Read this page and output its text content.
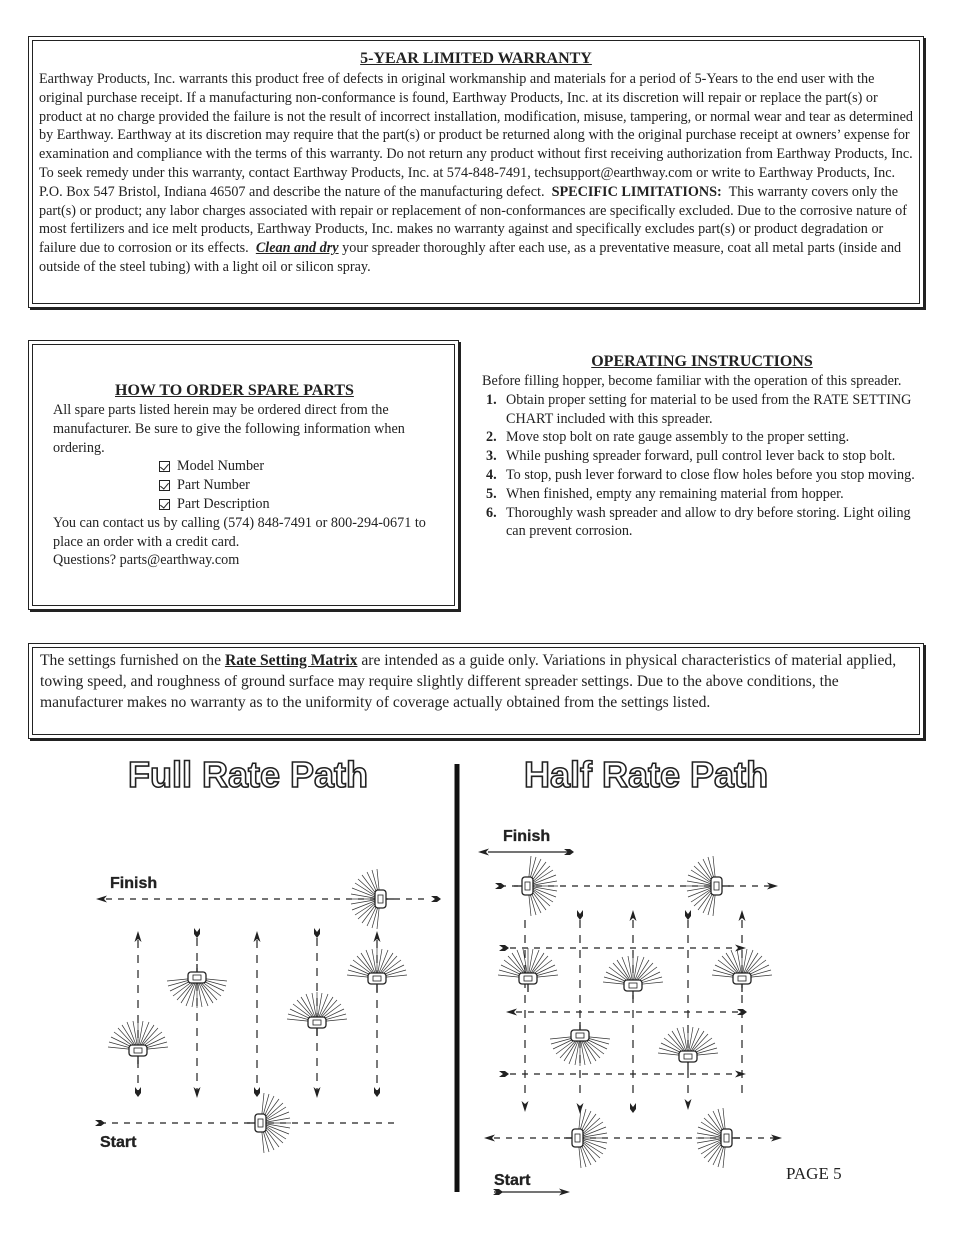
5-YEAR LIMITED WARRANTY

Earthway Products, Inc. warrants this product free of defects in original workmanship and materials for a period of 5-Years to the end user with the original purchase receipt. If a manufacturing non-conformance is found, Earthway Products, Inc. at its discretion will repair or replace the part(s) or product at no charge provided the failure is not the result of incorrect installation, modification, misuse, tampering, or normal wear and tear as determined by Earthway. Earthway at its discretion may require that the part(s) or product be returned along with the original purchase receipt at owners’ expense for examination and compliance with the terms of this warranty. Do not return any product without first receiving authorization from Earthway Products, Inc. To seek remedy under this warranty, contact Earthway Products, Inc. at 574-848-7491, techsupport@earthway.com or write to Earthway Products, Inc. P.O. Box 547 Bristol, Indiana 46507 and describe the nature of the manufacturing defect. SPECIFIC LIMITATIONS: This warranty covers only the part(s) or product; any labor charges associated with repair or replacement of non-conformances are specifically excluded. Due to the corrosive nature of most fertilizers and ice melt products, Earthway Products, Inc. makes no warranty against and specifically excludes part(s) or product degradation or failure due to corrosion or its effects. Clean and dry your spreader thoroughly after each use, as a preventative measure, coat all metal parts (inside and outside of the steel tubing) with a light oil or silicon spray.

HOW TO ORDER SPARE PARTS

All spare parts listed herein may be ordered direct from the manufacturer. Be sure to give the following information when ordering.

Model Number
Part Number
Part Description

You can contact us by calling (574) 848-7491 or 800-294-0671 to place an order with a credit card.

Questions? parts@earthway.com

OPERATING INSTRUCTIONS

Before filling hopper, become familiar with the operation of this spreader.

1. Obtain proper setting for material to be used from the RATE SETTING CHART included with this spreader.
2. Move stop bolt on rate gauge assembly to the proper setting.
3. While pushing spreader forward, pull control lever back to stop bolt.
4. To stop, push lever forward to close flow holes before you stop moving.
5. When finished, empty any remaining material from hopper.
6. Thoroughly wash spreader and allow to dry before storing. Light oiling can prevent corrosion.
The settings furnished on the Rate Setting Matrix are intended as a guide only. Variations in physical characteristics of material applied, towing speed, and roughness of ground surface may require slightly different spreader settings. Due to the above conditions, the manufacturer makes no warranty as to the uniformity of coverage actually obtained from the settings listed.
Full Rate Path	Half Rate Path
Finish
Start
Finish
Start	PAGE 5
